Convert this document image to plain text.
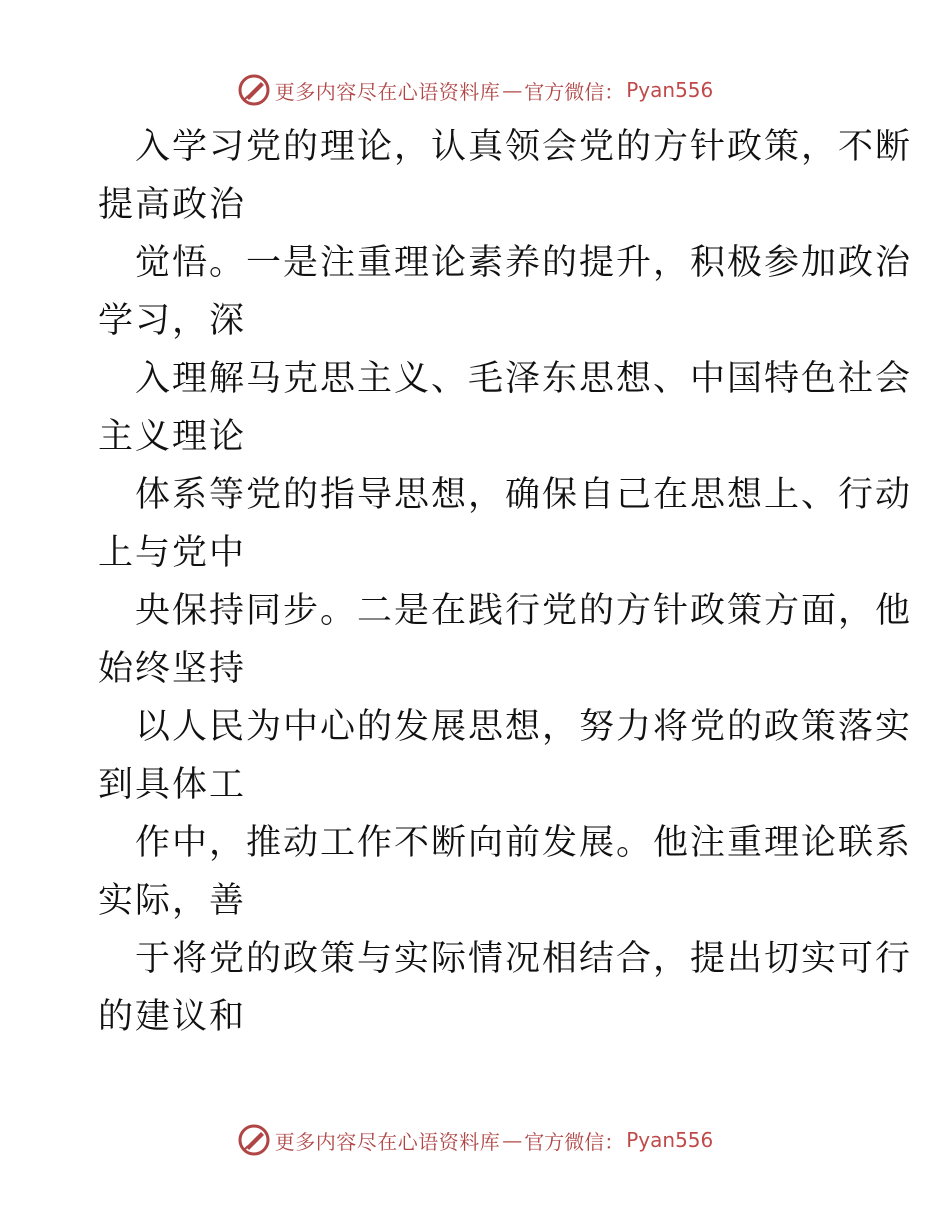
更多内容尽在心语资料库 — 官方微信： Pyan556
入学习党的理论，认真领会党的方针政策，不断
提高政治
觉悟。一是注重理论素养的提升，积极参加政治
学习，深
入理解马克思主义、毛泽东思想、中国特色社会
主义理论
体系等党的指导思想，确保自己在思想上、行动
上与党中
央保持同步。二是在践行党的方针政策方面，他
始终坚持
以人民为中心的发展思想，努力将党的政策落实
到具体工
作中，推动工作不断向前发展。他注重理论联系
实际，善
于将党的政策与实际情况相结合，提出切实可行
的建议和
更多内容尽在心语资料库 — 官方微信： Pyan556
